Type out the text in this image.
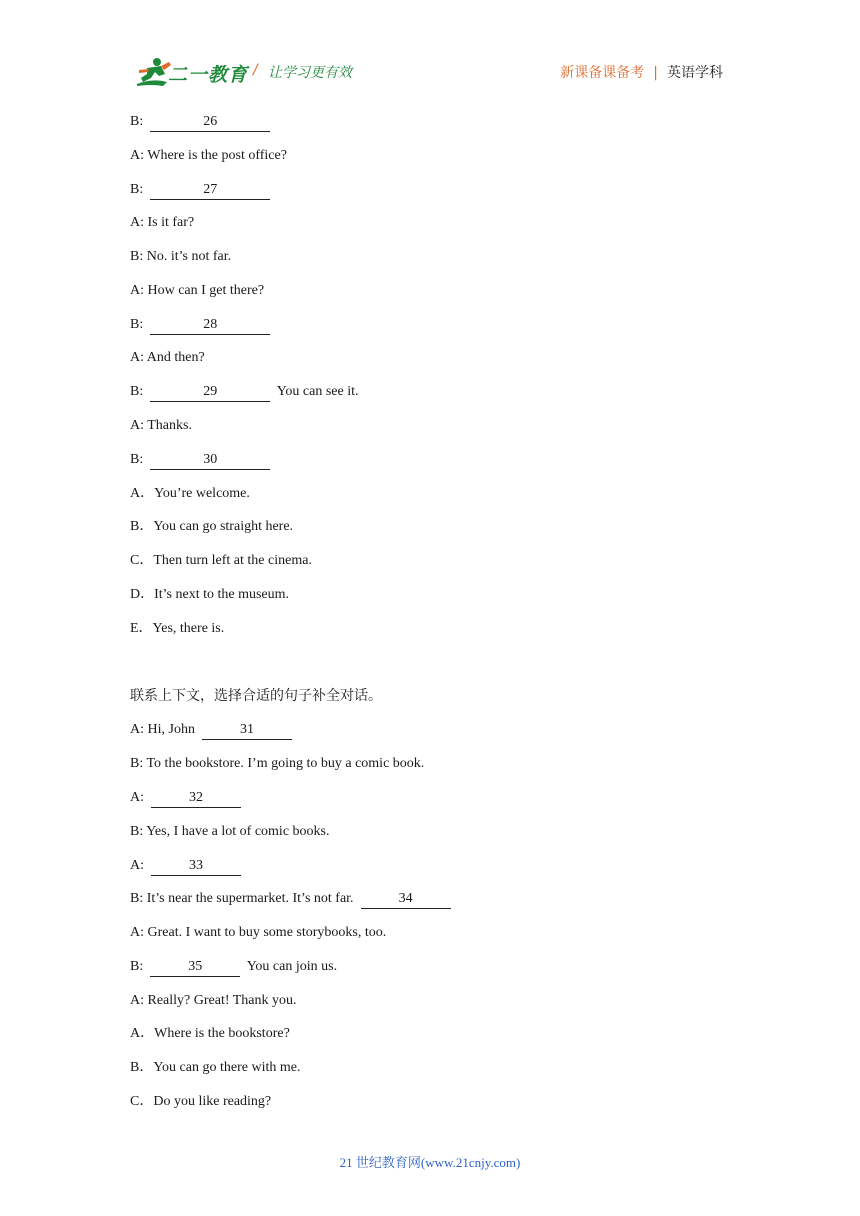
二一教育 / 让学习更有效	新课备课备考 | 英语学科
B:	26
A: Where is the post office?
B:	27
A: Is it far?
B: No. it’s not far.
A: How can I get there?
B:	28
A: And then?
B:	29	You can see it.
A: Thanks.
B:	30
A．You’re welcome.
B．You can go straight here.
C．Then turn left at the cinema.
D．It’s next to the museum.
E．Yes, there is.
联系上下文，选择合适的句子补全对话。
A: Hi, John	31
B: To the bookstore. I’m going to buy a comic book.
A:	32
B: Yes, I have a lot of comic books.
A:	33
B: It’s near the supermarket. It’s not far.	34
A: Great. I want to buy some storybooks, too.
B:	35	You can join us.
A: Really? Great! Thank you.
A．Where is the bookstore?
B．You can go there with me.
C．Do you like reading?
21 世纪教育网(www.21cnjy.com)
